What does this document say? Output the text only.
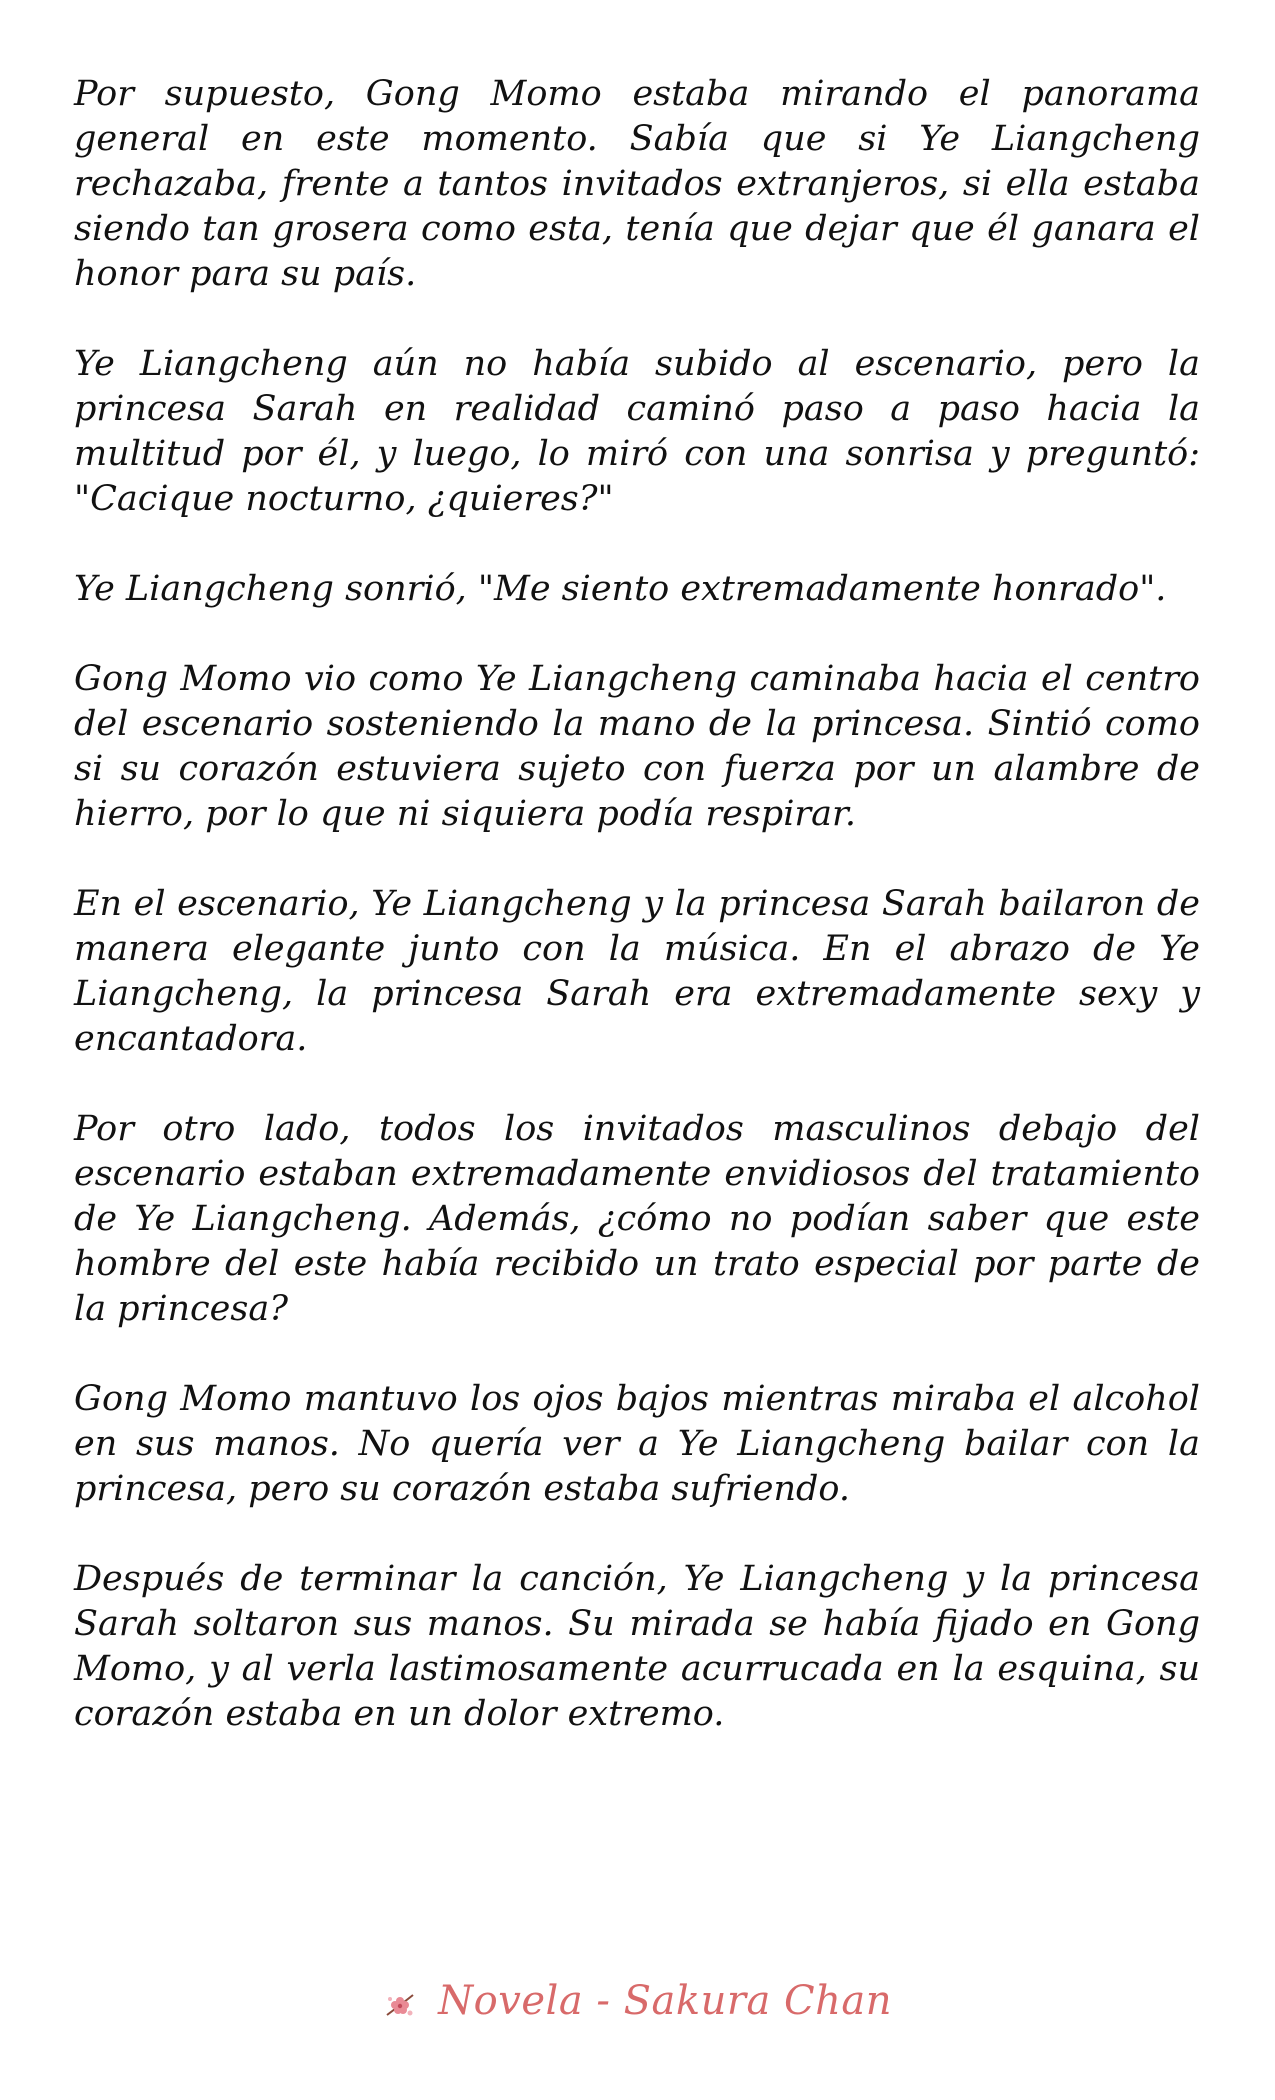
Por supuesto, Gong Momo estaba mirando el panorama general en este momento. Sabía que si Ye Liangcheng rechazaba, frente a tantos invitados extranjeros, si ella estaba siendo tan grosera como esta, tenía que dejar que él ganara el honor para su país.

Ye Liangcheng aún no había subido al escenario, pero la princesa Sarah en realidad caminó paso a paso hacia la multitud por él, y luego, lo miró con una sonrisa y preguntó: "Cacique nocturno, ¿quieres?"

Ye Liangcheng sonrió, "Me siento extremadamente honrado".

Gong Momo vio como Ye Liangcheng caminaba hacia el centro del escenario sosteniendo la mano de la princesa. Sintió como si su corazón estuviera sujeto con fuerza por un alambre de hierro, por lo que ni siquiera podía respirar.

En el escenario, Ye Liangcheng y la princesa Sarah bailaron de manera elegante junto con la música. En el abrazo de Ye Liangcheng, la princesa Sarah era extremadamente sexy y encantadora.

Por otro lado, todos los invitados masculinos debajo del escenario estaban extremadamente envidiosos del tratamiento de Ye Liangcheng. Además, ¿cómo no podían saber que este hombre del este había recibido un trato especial por parte de la princesa?

Gong Momo mantuvo los ojos bajos mientras miraba el alcohol en sus manos. No quería ver a Ye Liangcheng bailar con la princesa, pero su corazón estaba sufriendo.

Después de terminar la canción, Ye Liangcheng y la princesa Sarah soltaron sus manos. Su mirada se había fijado en Gong Momo, y al verla lastimosamente acurrucada en la esquina, su corazón estaba en un dolor extremo.

Novela - Sakura Chan
